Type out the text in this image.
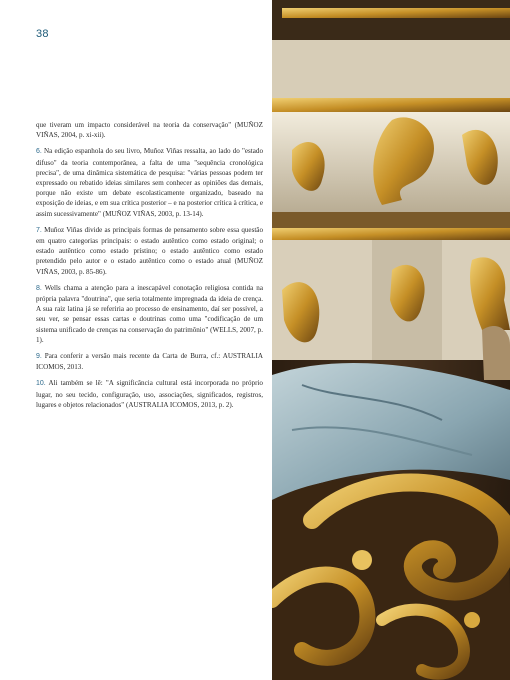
38

que tiveram um impacto considerável na teoria da conservação" (MUÑOZ VIÑAS, 2004, p. xi-xii).

6. Na edição espanhola do seu livro, Muñoz Viñas ressalta, ao lado do "estado difuso" da teoria contemporânea, a falta de uma "sequência cronológica precisa", de uma dinâmica sistemática de pesquisa: "várias pessoas podem ter expressado ou rebatido ideias similares sem conhecer as opiniões das demais, porque não existe um debate escolasticamente organizado, baseado na exposição de ideias, e em sua crítica posterior – e na posterior crítica à crítica, e assim sucessivamente" (MUÑOZ VIÑAS, 2003, p. 13-14).

7. Muñoz Viñas divide as principais formas de pensamento sobre essa questão em quatro categorias principais: o estado autêntico como estado original; o estado autêntico como estado prístino; o estado autêntico como estado pretendido pelo autor e o estado autêntico como o estado atual (MUÑOZ VIÑAS, 2003, p. 85-86).

8. Wells chama a atenção para a inescapável conotação religiosa contida na própria palavra "doutrina", que seria totalmente impregnada da ideia de crença. A sua raiz latina já se referiria ao processo de ensinamento, daí ser possível, a seu ver, se pensar essas cartas e doutrinas como uma "codificação de um sistema unificado de crenças na conservação do patrimônio" (WELLS, 2007, p. 1).

9. Para conferir a versão mais recente da Carta de Burra, cf.: AUSTRALIA ICOMOS, 2013.

10. Ali também se lê: "A significância cultural está incorporada no próprio lugar, no seu tecido, configuração, uso, associações, significados, registros, lugares e objetos relacionados" (AUSTRALIA ICOMOS, 2013, p. 2).
